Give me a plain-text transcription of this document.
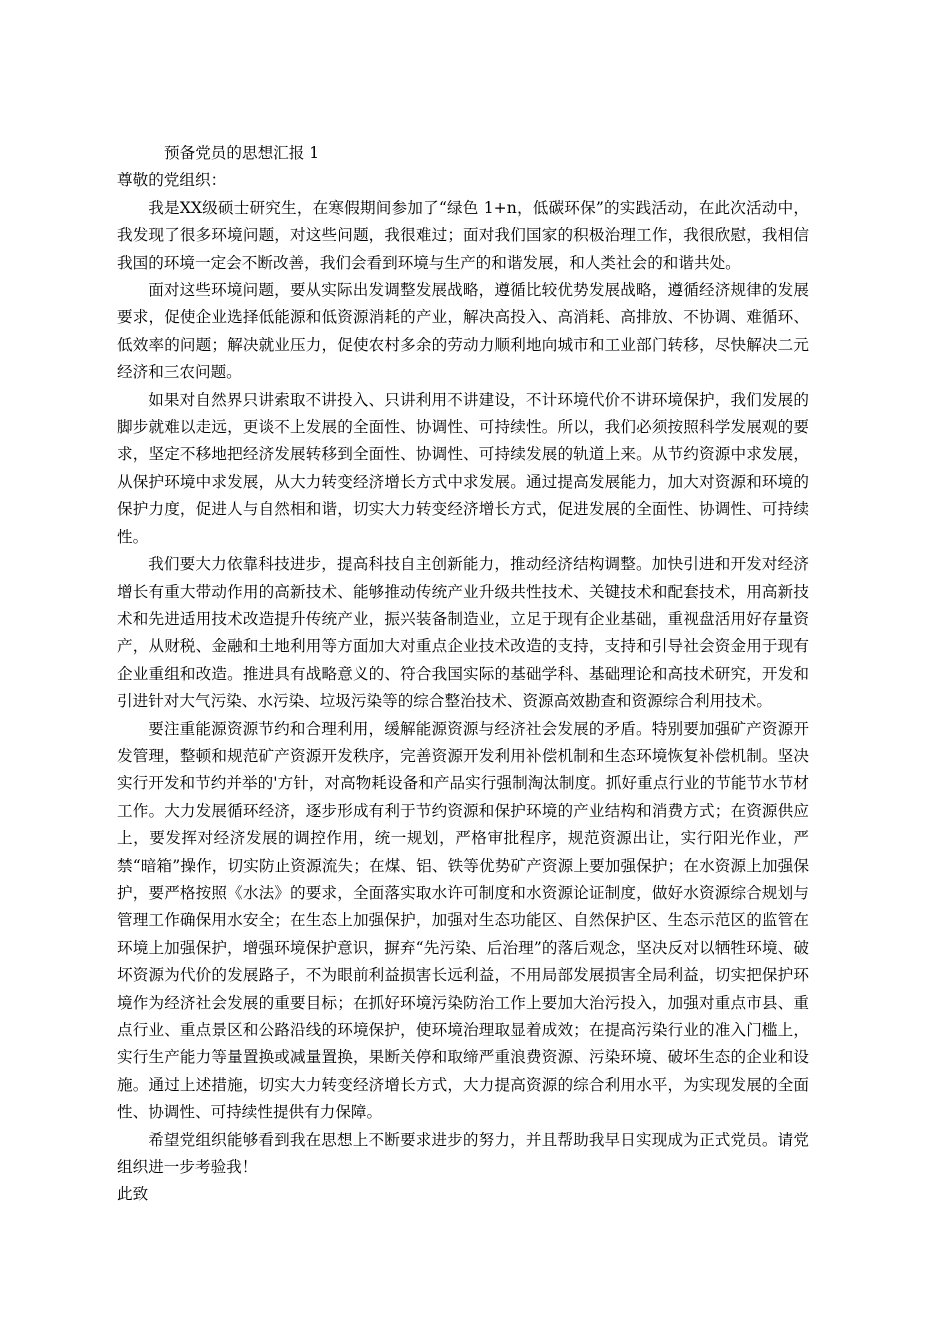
预备党员的思想汇报 1

尊敬的党组织：

我是XX级硕士研究生，在寒假期间参加了“绿色 1+n，低碳环保”的实践活动，在此次活动中，我发现了很多环境问题，对这些问题，我很难过；面对我们国家的积极治理工作，我很欣慰，我相信我国的环境一定会不断改善，我们会看到环境与生产的和谐发展，和人类社会的和谐共处。

面对这些环境问题，要从实际出发调整发展战略，遵循比较优势发展战略，遵循经济规律的发展要求，促使企业选择低能源和低资源消耗的产业，解决高投入、高消耗、高排放、不协调、难循环、低效率的问题；解决就业压力，促使农村多余的劳动力顺利地向城市和工业部门转移，尽快解决二元经济和三农问题。

如果对自然界只讲索取不讲投入、只讲利用不讲建设，不计环境代价不讲环境保护，我们发展的脚步就难以走远，更谈不上发展的全面性、协调性、可持续性。所以，我们必须按照科学发展观的要求，坚定不移地把经济发展转移到全面性、协调性、可持续发展的轨道上来。从节约资源中求发展，从保护环境中求发展，从大力转变经济增长方式中求发展。通过提高发展能力，加大对资源和环境的保护力度，促进人与自然相和谐，切实大力转变经济增长方式，促进发展的全面性、协调性、可持续性。

我们要大力依靠科技进步，提高科技自主创新能力，推动经济结构调整。加快引进和开发对经济增长有重大带动作用的高新技术、能够推动传统产业升级共性技术、关键技术和配套技术，用高新技术和先进适用技术改造提升传统产业，振兴装备制造业，立足于现有企业基础，重视盘活用好存量资产，从财税、金融和土地利用等方面加大对重点企业技术改造的支持，支持和引导社会资金用于现有企业重组和改造。推进具有战略意义的、符合我国实际的基础学科、基础理论和高技术研究，开发和引进针对大气污染、水污染、垃圾污染等的综合整治技术、资源高效勘查和资源综合利用技术。

要注重能源资源节约和合理利用，缓解能源资源与经济社会发展的矛盾。特别要加强矿产资源开发管理，整顿和规范矿产资源开发秩序，完善资源开发利用补偿机制和生态环境恢复补偿机制。坚决实行开发和节约并举的'方针，对高物耗设备和产品实行强制淘汰制度。抓好重点行业的节能节水节材工作。大力发展循环经济，逐步形成有利于节约资源和保护环境的产业结构和消费方式；在资源供应上，要发挥对经济发展的调控作用，统一规划，严格审批程序，规范资源出让，实行阳光作业，严禁“暗箱”操作，切实防止资源流失；在煤、铝、铁等优势矿产资源上要加强保护；在水资源上加强保护，要严格按照《水法》的要求，全面落实取水许可制度和水资源论证制度，做好水资源综合规划与管理工作确保用水安全；在生态上加强保护，加强对生态功能区、自然保护区、生态示范区的监管在环境上加强保护，增强环境保护意识，摒弃“先污染、后治理”的落后观念，坚决反对以牺牲环境、破坏资源为代价的发展路子，不为眼前利益损害长远利益，不用局部发展损害全局利益，切实把保护环境作为经济社会发展的重要目标；在抓好环境污染防治工作上要加大治污投入，加强对重点市县、重点行业、重点景区和公路沿线的环境保护，使环境治理取显着成效；在提高污染行业的准入门槛上，实行生产能力等量置换或减量置换，果断关停和取缔严重浪费资源、污染环境、破坏生态的企业和设施。通过上述措施，切实大力转变经济增长方式，大力提高资源的综合利用水平，为实现发展的全面性、协调性、可持续性提供有力保障。

希望党组织能够看到我在思想上不断要求进步的努力，并且帮助我早日实现成为正式党员。请党组织进一步考验我！

此致
